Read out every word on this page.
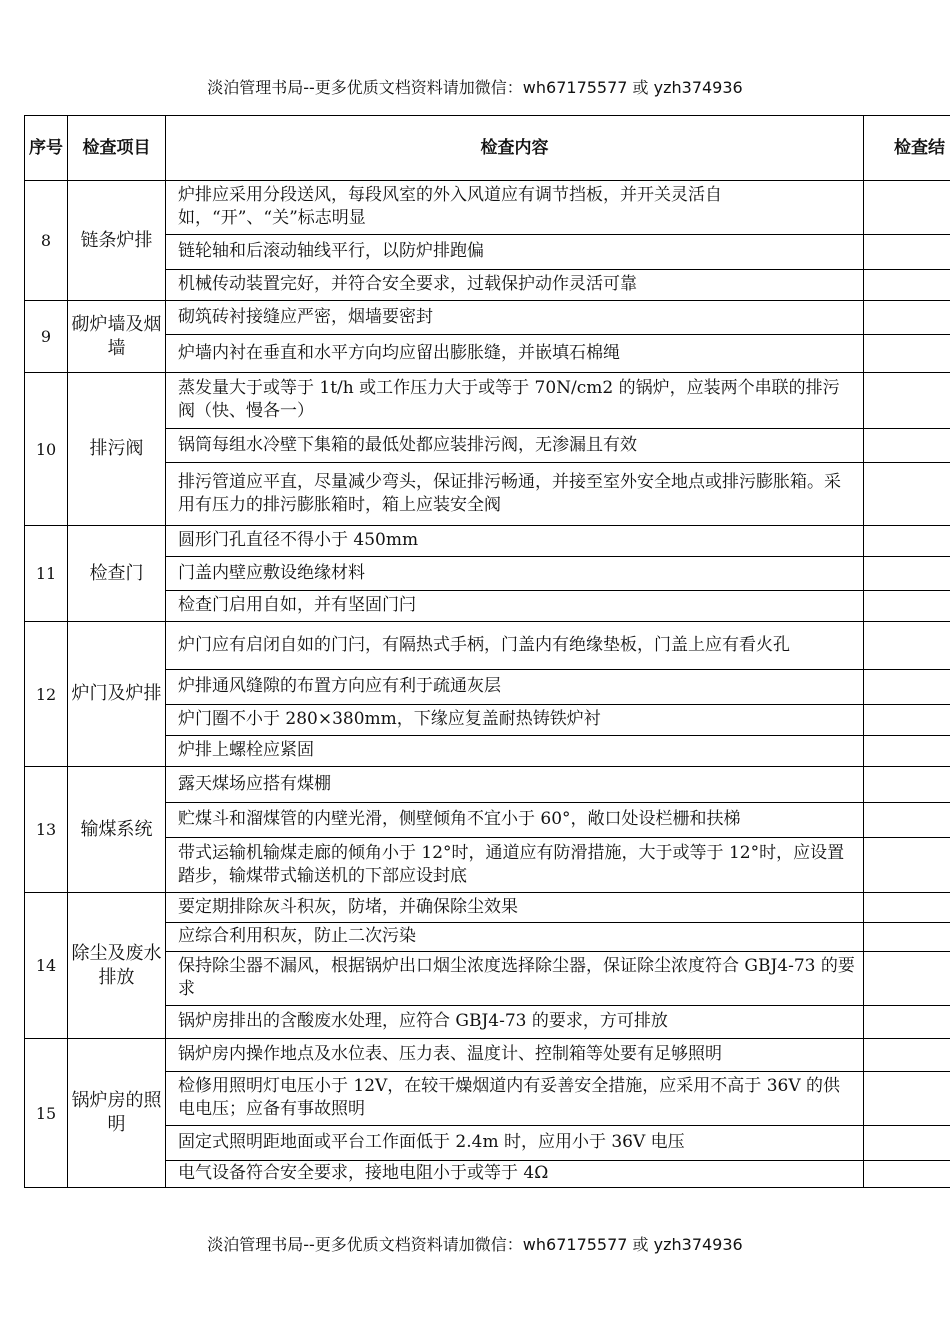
淡泊管理书局--更多优质文档资料请加微信：wh67175577 或 yzh374936
序号	检查项目	检查内容	检查结
8	链条炉排	炉排应采用分段送风，每段风室的外入风道应有调节挡板，并开关灵活自如，“开”、“关”标志明显	
		链轮轴和后滚动轴线平行，以防炉排跑偏	
		机械传动装置完好，并符合安全要求，过载保护动作灵活可靠	
9	砌炉墙及烟墙	砌筑砖衬接缝应严密，烟墙要密封	
		炉墙内衬在垂直和水平方向均应留出膨胀缝，并嵌填石棉绳	
10	排污阀	蒸发量大于或等于 1t/h 或工作压力大于或等于 70N/cm2 的锅炉，应装两个串联的排污阀（快、慢各一）	
		锅筒每组水冷壁下集箱的最低处都应装排污阀，无渗漏且有效	
		排污管道应平直，尽量减少弯头，保证排污畅通，并接至室外安全地点或排污膨胀箱。采用有压力的排污膨胀箱时，箱上应装安全阀	
11	检查门	圆形门孔直径不得小于 450mm	
		门盖内壁应敷设绝缘材料	
		检查门启用自如，并有坚固门闩	
12	炉门及炉排	炉门应有启闭自如的门闩，有隔热式手柄，门盖内有绝缘垫板，门盖上应有看火孔	
		炉排通风缝隙的布置方向应有利于疏通灰层	
		炉门圈不小于 280×380mm，下缘应复盖耐热铸铁炉衬	
		炉排上螺栓应紧固	
13	输煤系统	露天煤场应搭有煤棚	
		贮煤斗和溜煤管的内壁光滑，侧壁倾角不宜小于 60°，敞口处设栏栅和扶梯	
		带式运输机输煤走廊的倾角小于 12°时，通道应有防滑措施，大于或等于 12°时，应设置踏步，输煤带式输送机的下部应设封底	
14	除尘及废水排放	要定期排除灰斗积灰，防堵，并确保除尘效果	
		应综合利用积灰，防止二次污染	
		保持除尘器不漏风，根据锅炉出口烟尘浓度选择除尘器，保证除尘浓度符合 GBJ4-73 的要求	
		锅炉房排出的含酸废水处理，应符合 GBJ4-73 的要求，方可排放	
15	锅炉房的照明	锅炉房内操作地点及水位表、压力表、温度计、控制箱等处要有足够照明	
		检修用照明灯电压小于 12V，在较干燥烟道内有妥善安全措施，应采用不高于 36V 的供电电压；应备有事故照明	
		固定式照明距地面或平台工作面低于 2.4m 时，应用小于 36V 电压	
		电气设备符合安全要求，接地电阻小于或等于 4Ω	
淡泊管理书局--更多优质文档资料请加微信：wh67175577 或 yzh374936
